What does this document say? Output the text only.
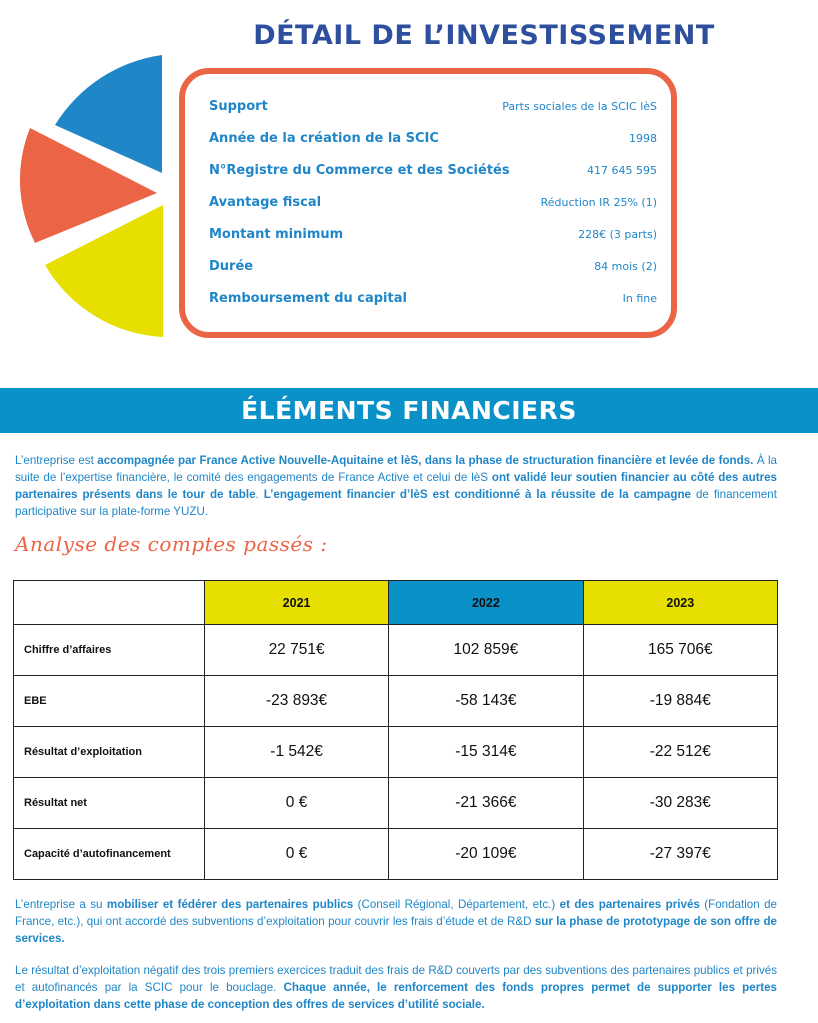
DÉTAIL DE L’INVESTISSEMENT
Support	Parts sociales de la SCIC lèS
Année de la création de la SCIC	1998
N°Registre du Commerce et des Sociétés	417 645 595
Avantage fiscal	Réduction IR 25% (1)
Montant minimum	228€ (3 parts)
Durée	84 mois (2)
Remboursement du capital	In fine
ÉLÉMENTS FINANCIERS

L’entreprise est accompagnée par France Active Nouvelle-Aquitaine et lèS, dans la phase de structuration financière et levée de fonds. À la suite de l’expertise financière, le comité des engagements de France Active et celui de lèS ont validé leur soutien financier au côté des autres partenaires présents dans le tour de table. L’engagement financier d’lèS est conditionné à la réussite de la campagne de financement participative sur la plate-forme YUZU.

Analyse des comptes passés :
	2021	2022	2023
Chiffre d’affaires	22 751€	102 859€	165 706€
EBE	-23 893€	-58 143€	-19 884€
Résultat d’exploitation	-1 542€	-15 314€	-22 512€
Résultat net	0 €	-21 366€	-30 283€
Capacité d’autofinancement	0 €	-20 109€	-27 397€

L’entreprise a su mobiliser et fédérer des partenaires publics (Conseil Régional, Département, etc.) et des partenaires privés (Fondation de France, etc.), qui ont accordé des subventions d’exploitation pour couvrir les frais d’étude et de R&D sur la phase de prototypage de son offre de services.

Le résultat d’exploitation négatif des trois premiers exercices traduit des frais de R&D couverts par des subventions des partenaires publics et privés et autofinancés par la SCIC pour le bouclage. Chaque année, le renforcement des fonds propres permet de supporter les pertes d’exploitation dans cette phase de conception des offres de services d’utilité sociale.
